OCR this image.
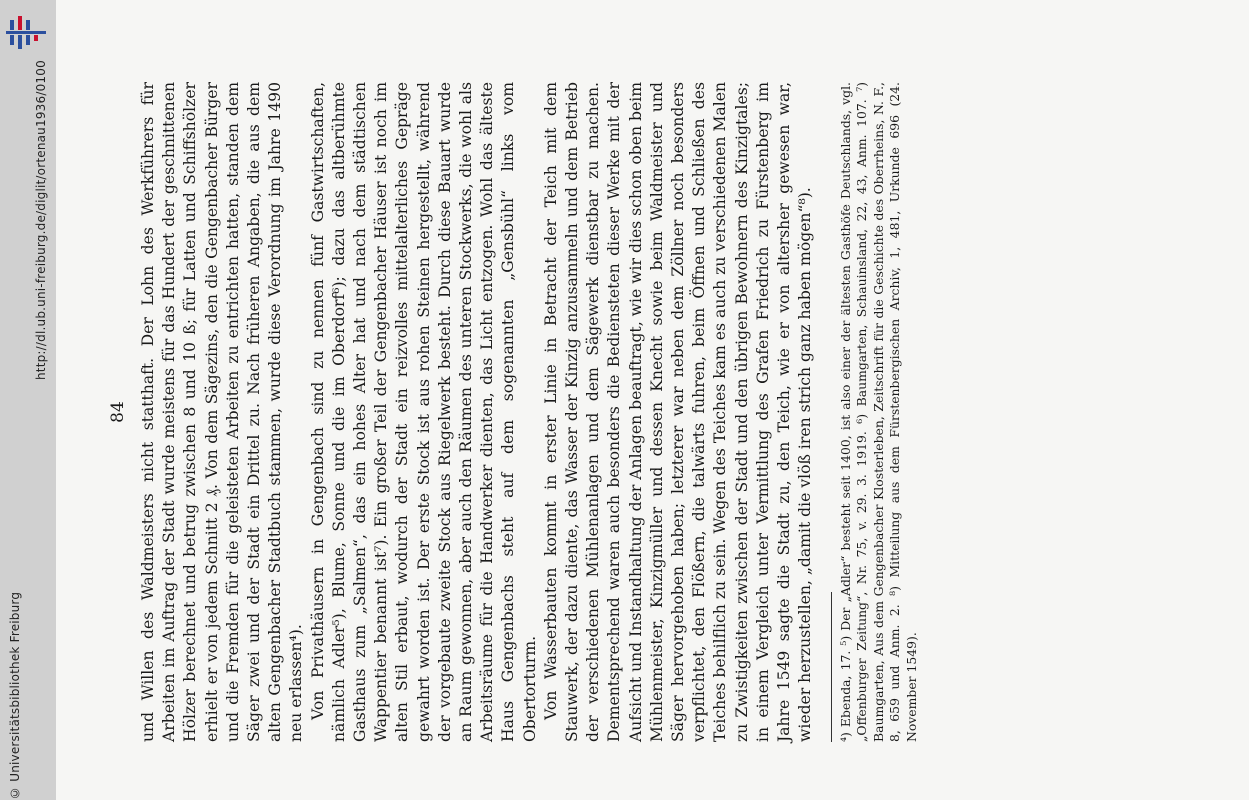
http://dl.ub.uni-freiburg.de/diglit/ortenau1936/0100
© Universitätsbibliothek Freiburg
84 und Willen des Waldmeisters nicht statthaft. Der Lohn des Werkführers für Arbeiten im Auftrag der Stadt wurde meistens für das Hundert der geschnittenen Hölzer berechnet und betrug zwischen 8 und 10 ß; für Latten und Schiffshölzer erhielt er von jedem Schnitt 2 ₰. Von dem Sägezins, den die Gengenbacher Bürger und die Fremden für die geleisteten Arbeiten zu entrichten hatten, standen dem Säger zwei und der Stadt ein Drittel zu. Nach früheren Angaben, die aus dem alten Gengenbacher Stadtbuch stammen, wurde diese Verordnung im Jahre 1490 neu erlassen⁴). Von Privathäusern in Gengenbach sind zu nennen fünf Gastwirtschaften, nämlich Adler⁵), Blume, Sonne und die im Oberdorf⁶); dazu das altberühmte Gasthaus zum „Salmen“, das ein hohes Alter hat und nach dem städtischen Wappentier benannt ist⁷). Ein großer Teil der Gengenbacher Häuser ist noch im alten Stil erbaut, wodurch der Stadt ein reizvolles mittelalterliches Gepräge gewahrt worden ist. Der erste Stock ist aus rohen Steinen hergestellt, während der vorgebaute zweite Stock aus Riegelwerk besteht. Durch diese Bauart wurde an Raum gewonnen, aber auch den Räumen des unteren Stockwerks, die wohl als Arbeitsräume für die Handwerker dienten, das Licht entzogen. Wohl das älteste Haus Gengenbachs steht auf dem sogenannten „Gensbühl“ links vom Obertorturm. Von Wasserbauten kommt in erster Linie in Betracht der Teich mit dem Stauwerk, der dazu diente, das Wasser der Kinzig anzusammeln und dem Betrieb der verschiedenen Mühlenanlagen und dem Sägewerk dienstbar zu machen. Dementsprechend waren auch besonders die Bediensteten dieser Werke mit der Aufsicht und Instandhaltung der Anlagen beauftragt, wie wir dies schon oben beim Mühlenmeister, Kinzigmüller und dessen Knecht sowie beim Waldmeister und Säger hervorgehoben haben; letzterer war neben dem Zöllner noch besonders verpflichtet, den Flößern, die talwärts fuhren, beim Öffnen und Schließen des Teiches behilflich zu sein. Wegen des Teiches kam es auch zu verschiedenen Malen zu Zwistigkeiten zwischen der Stadt und den übrigen Bewohnern des Kinzigtales; in einem Vergleich unter Vermittlung des Grafen Friedrich zu Fürstenberg im Jahre 1549 sagte die Stadt zu, den Teich, wie er von altersher gewesen war, wieder herzustellen, „damit die vlöß iren strich ganz haben mögen“⁸). ⁴) Ebenda, 17. ⁵) Der „Adler“ besteht seit 1400, ist also einer der ältesten Gasthöfe Deutschlands, vgl. „Offenburger Zeitung“, Nr. 75, v. 29. 3. 1919. ⁶) Baumgarten, Schauinsland, 22, 43, Anm. 107. ⁷) Baumgarten, Aus dem Gengenbacher Klosterleben, Zeitschrift für die Geschichte des Oberrheins, N. F., 8, 659 und Anm. 2. ⁸) Mitteilung aus dem Fürstenbergischen Archiv, 1, 481, Urkunde 696 (24. November 1549).
